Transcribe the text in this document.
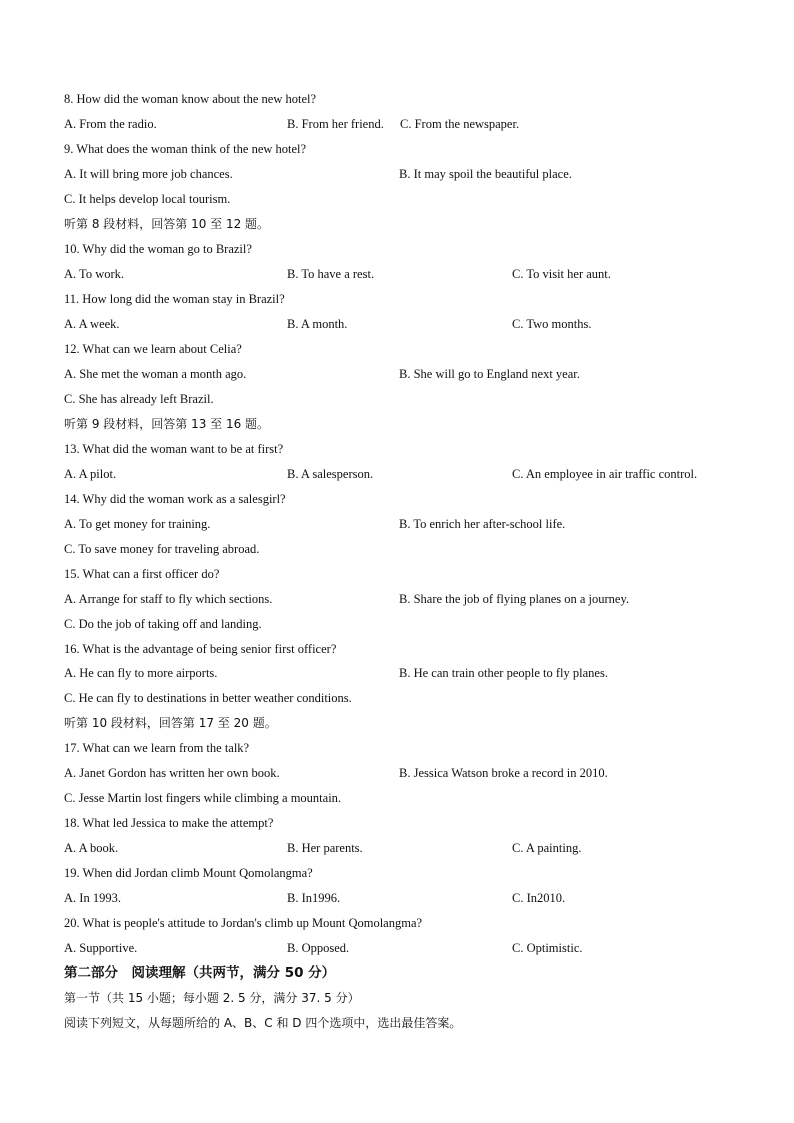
8. How did the woman know about the new hotel?
A. From the radio.	B. From her friend. C. From the newspaper.
9. What does the woman think of the new hotel?
A. It will bring more job chances.	B. It may spoil the beautiful place.
C. It helps develop local tourism.
听第 8 段材料，回答第 10 至 12 题。
10. Why did the woman go to Brazil?
A. To work.	B. To have a rest.	C. To visit her aunt.
11. How long did the woman stay in Brazil?
A. A week.	B. A month.	C. Two months.
12. What can we learn about Celia?
A. She met the woman a month ago.	B. She will go to England next year.
C. She has already left Brazil.
听第 9 段材料，回答第 13 至 16 题。
13. What did the woman want to be at first?
A. A pilot.	B. A salesperson.	C. An employee in air traffic control.
14. Why did the woman work as a salesgirl?
A. To get money for training.	B. To enrich her after-school life.
C. To save money for traveling abroad.
15. What can a first officer do?
A. Arrange for staff to fly which sections.	B. Share the job of flying planes on a journey.
C. Do the job of taking off and landing.
16. What is the advantage of being senior first officer?
A. He can fly to more airports.	B. He can train other people to fly planes.
C. He can fly to destinations in better weather conditions.
听第 10 段材料，回答第 17 至 20 题。
17. What can we learn from the talk?
A. Janet Gordon has written her own book.	B. Jessica Watson broke a record in 2010.
C. Jesse Martin lost fingers while climbing a mountain.
18. What led Jessica to make the attempt?
A. A book.	B. Her parents.	C. A painting.
19. When did Jordan climb Mount Qomolangma?
A. In 1993.	B. In1996.	C. In2010.
20. What is people's attitude to Jordan's climb up Mount Qomolangma?
A. Supportive.	B. Opposed.	C. Optimistic.
第二部分　阅读理解（共两节，满分 50 分）
第一节（共 15 小题；每小题 2. 5 分，满分 37. 5 分）
阅读下列短文，从每题所给的 A、B、C 和 D 四个选项中，选出最佳答案。
